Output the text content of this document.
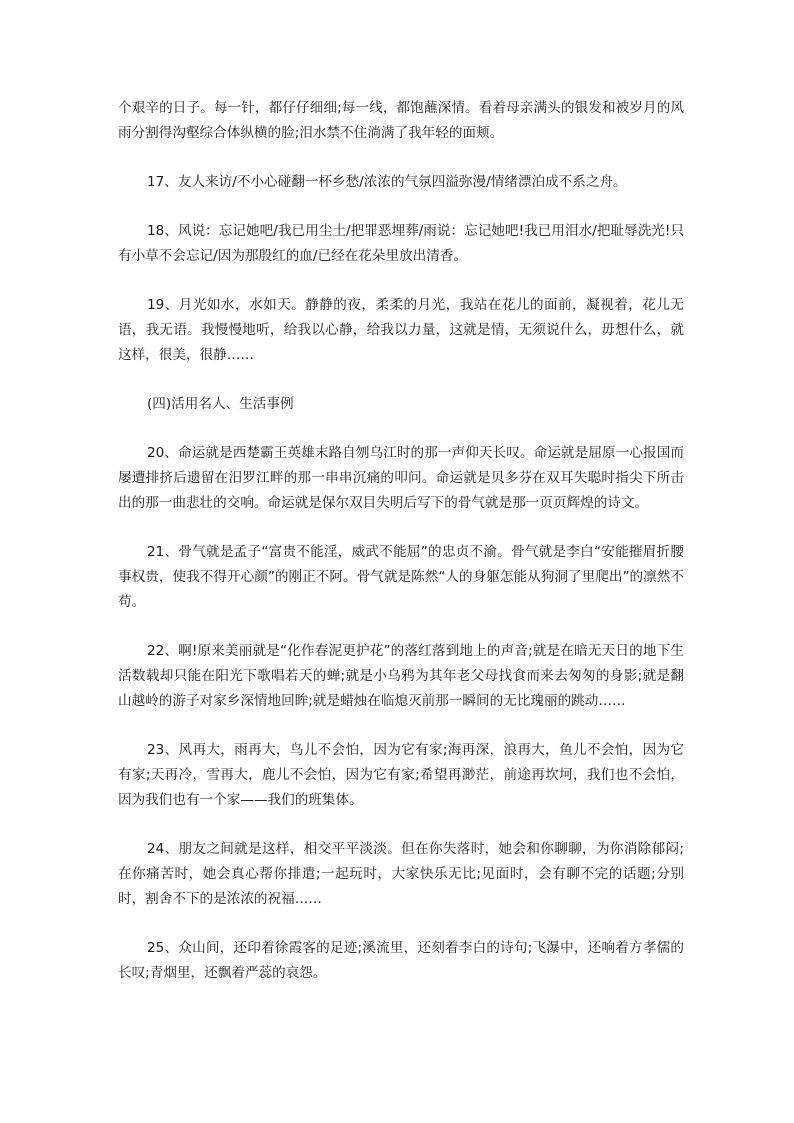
个艰辛的日子。每一针，都仔仔细细;每一线，都饱蘸深情。看着母亲满头的银发和被岁月的风雨分割得沟壑综合体纵横的脸;泪水禁不住淌满了我年轻的面颊。

17、友人来访/不小心碰翻一杯乡愁/浓浓的气氛四溢弥漫/情绪漂泊成不系之舟。

18、风说：忘记她吧/我已用尘土/把罪恶埋葬/雨说：忘记她吧!我已用泪水/把耻辱洗光!只有小草不会忘记/因为那殷红的血/已经在花朵里放出清香。

19、月光如水，水如天。静静的夜，柔柔的月光，我站在花儿的面前，凝视着，花儿无语，我无语。我慢慢地听，给我以心静，给我以力量，这就是情，无须说什么，毋想什么，就这样，很美，很静……

(四)活用名人、生活事例

20、命运就是西楚霸王英雄末路自刎乌江时的那一声仰天长叹。命运就是屈原一心报国而屡遭排挤后遗留在汨罗江畔的那一串串沉痛的叩问。命运就是贝多芬在双耳失聪时指尖下所击出的那一曲悲壮的交响。命运就是保尔双目失明后写下的骨气就是那一页页辉煌的诗文。

21、骨气就是孟子“富贵不能淫，威武不能屈”的忠贞不渝。骨气就是李白“安能摧眉折腰事权贵，使我不得开心颜”的刚正不阿。骨气就是陈然“人的身躯怎能从狗洞了里爬出”的凛然不苟。

22、啊!原来美丽就是“化作春泥更护花”的落红落到地上的声音;就是在暗无天日的地下生活数载却只能在阳光下歌唱若天的蝉;就是小乌鸦为其年老父母找食而来去匆匆的身影;就是翻山越岭的游子对家乡深情地回眸;就是蜡烛在临熄灭前那一瞬间的无比瑰丽的跳动……

23、风再大，雨再大，鸟儿不会怕，因为它有家;海再深，浪再大，鱼儿不会怕，因为它有家;天再冷，雪再大，鹿儿不会怕，因为它有家;希望再渺茫，前途再坎坷，我们也不会怕，因为我们也有一个家——我们的班集体。

24、朋友之间就是这样，相交平平淡淡。但在你失落时，她会和你聊聊，为你消除郁闷;在你痛苦时，她会真心帮你排遣;一起玩时，大家快乐无比;见面时，会有聊不完的话题;分别时，割舍不下的是浓浓的祝福……

25、众山间，还印着徐霞客的足迹;溪流里，还刻着李白的诗句;飞瀑中，还响着方孝儒的长叹;青烟里，还飘着严蕊的哀怨。
